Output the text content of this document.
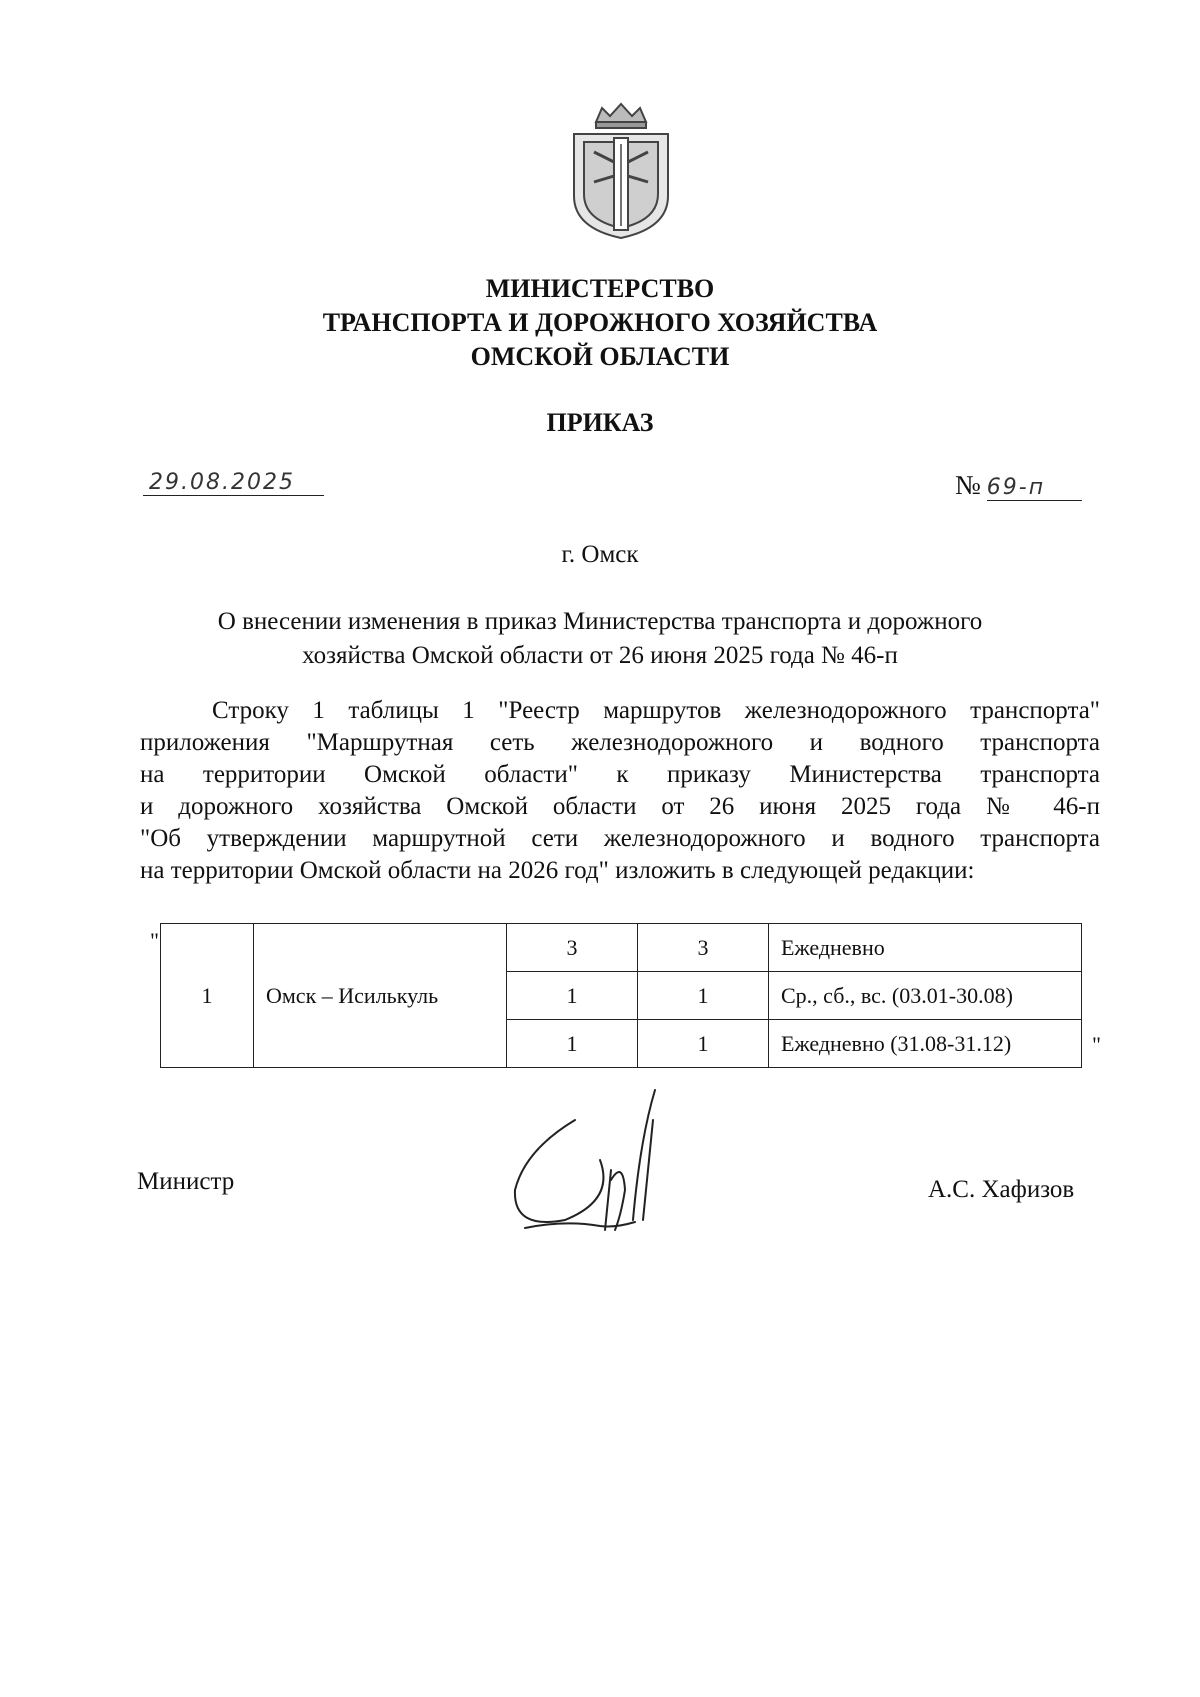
МИНИСТЕРСТВО
ТРАНСПОРТА И ДОРОЖНОГО ХОЗЯЙСТВА
ОМСКОЙ ОБЛАСТИ
ПРИКАЗ
29.08.2025	№ 69-п
г. Омск
О внесении изменения в приказ Министерства транспорта и дорожного
хозяйства Омской области от 26 июня 2025 года № 46-п
Строку 1 таблицы 1 "Реестр маршрутов железнодорожного транспорта"
приложения "Маршрутная сеть железнодорожного и водного транспорта
на территории Омской области" к приказу Министерства транспорта
и дорожного хозяйства Омской области от 26 июня 2025 года № 46-п
"Об утверждении маршрутной сети железнодорожного и водного транспорта
на территории Омской области на 2026 год" изложить в следующей редакции:
"
1	Омск – Исилькуль	3	3	Ежедневно
		1	1	Ср., сб., вс. (03.01-30.08)
		1	1	Ежедневно (31.08-31.12)	"
Министр	А.С. Хафизов
